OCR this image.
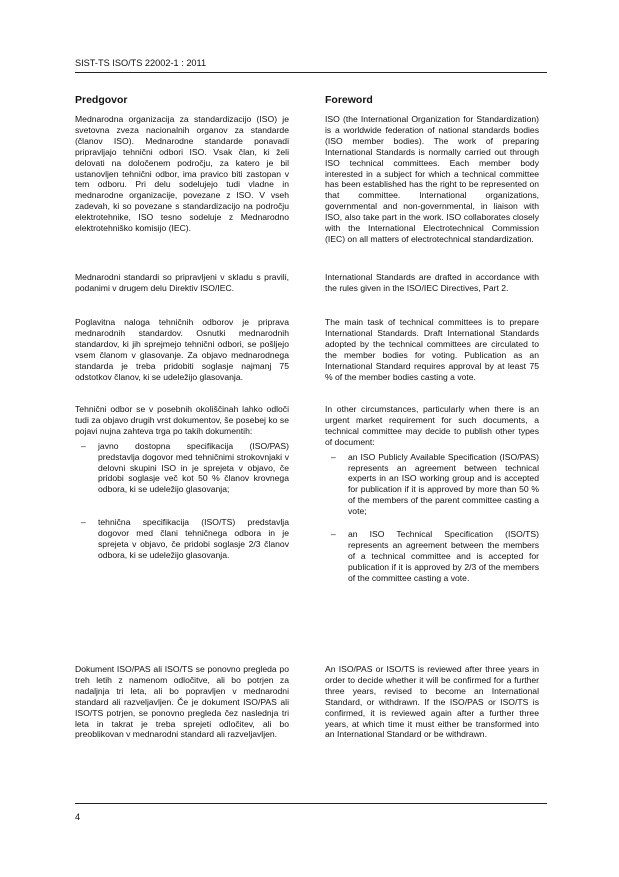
SIST-TS ISO/TS 22002-1 : 2011
Predgovor

Mednarodna organizacija za standardizacijo (ISO) je svetovna zveza nacionalnih organov za standarde (članov ISO). Mednarodne standarde ponavadi pripravljajo tehnični odbori ISO. Vsak član, ki želi delovati na določenem področju, za katero je bil ustanovljen tehnični odbor, ima pravico biti zastopan v tem odboru. Pri delu sodelujejo tudi vladne in mednarodne organizacije, povezane z ISO. V vseh zadevah, ki so povezane s standardizacijo na področju elektrotehnike, ISO tesno sodeluje z Mednarodno elektrotehniško komisijo (IEC).

Mednarodni standardi so pripravljeni v skladu s pravili, podanimi v drugem delu Direktiv ISO/IEC.

Poglavitna naloga tehničnih odborov je priprava mednarodnih standardov. Osnutki mednarodnih standardov, ki jih sprejmejo tehnični odbori, se pošljejo vsem članom v glasovanje. Za objavo mednarodnega standarda je treba pridobiti soglasje najmanj 75 odstotkov članov, ki se udeležijo glasovanja.

Tehnični odbor se v posebnih okoliščinah lahko odloči tudi za objavo drugih vrst dokumentov, še posebej ko se pojavi nujna zahteva trga po takih dokumentih:

– javno dostopna specifikacija (ISO/PAS) predstavlja dogovor med tehničnimi strokovnjaki v delovni skupini ISO in je sprejeta v objavo, če pridobi soglasje več kot 50 % članov krovnega odbora, ki se udeležijo glasovanja;
– tehnična specifikacija (ISO/TS) predstavlja dogovor med člani tehničnega odbora in je sprejeta v objavo, če pridobi soglasje 2/3 članov odbora, ki se udeležijo glasovanja.

Dokument ISO/PAS ali ISO/TS se ponovno pregleda po treh letih z namenom odločitve, ali bo potrjen za nadaljnja tri leta, ali bo popravljen v mednarodni standard ali razveljavljen. Če je dokument ISO/PAS ali ISO/TS potrjen, se ponovno pregleda čez naslednja tri leta in takrat je treba sprejeti odločitev, ali bo preoblikovan v mednarodni standard ali razveljavljen.

Foreword

ISO (the International Organization for Standardization) is a worldwide federation of national standards bodies (ISO member bodies). The work of preparing International Standards is normally carried out through ISO technical committees. Each member body interested in a subject for which a technical committee has been established has the right to be represented on that committee. International organizations, governmental and non-governmental, in liaison with ISO, also take part in the work. ISO collaborates closely with the International Electrotechnical Commission (IEC) on all matters of electrotechnical standardization.

International Standards are drafted in accordance with the rules given in the ISO/IEC Directives, Part 2.

The main task of technical committees is to prepare International Standards. Draft International Standards adopted by the technical committees are circulated to the member bodies for voting. Publication as an International Standard requires approval by at least 75 % of the member bodies casting a vote.

In other circumstances, particularly when there is an urgent market requirement for such documents, a technical committee may decide to publish other types of document:

– an ISO Publicly Available Specification (ISO/PAS) represents an agreement between technical experts in an ISO working group and is accepted for publication if it is approved by more than 50 % of the members of the parent committee casting a vote;
– an ISO Technical Specification (ISO/TS) represents an agreement between the members of a technical committee and is accepted for publication if it is approved by 2/3 of the members of the committee casting a vote.

An ISO/PAS or ISO/TS is reviewed after three years in order to decide whether it will be confirmed for a further three years, revised to become an International Standard, or withdrawn. If the ISO/PAS or ISO/TS is confirmed, it is reviewed again after a further three years, at which time it must either be transformed into an International Standard or be withdrawn.

4
